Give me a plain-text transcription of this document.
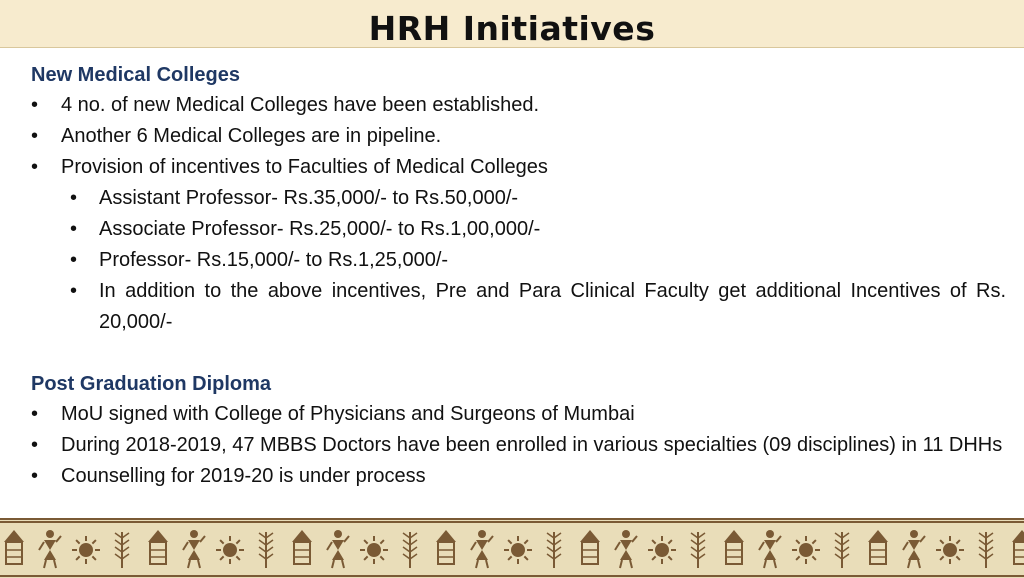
HRH Initiatives
New Medical Colleges
• 4 no. of new Medical Colleges have been established.
• Another 6 Medical Colleges are in pipeline.
• Provision of incentives to Faculties of Medical Colleges
• Assistant Professor- Rs.35,000/- to Rs.50,000/-
• Associate Professor- Rs.25,000/- to Rs.1,00,000/-
• Professor- Rs.15,000/- to Rs.1,25,000/-
• In addition to the above incentives, Pre and Para Clinical Faculty get additional Incentives of Rs. 20,000/-
Post Graduation Diploma
• MoU signed with College of Physicians and Surgeons of Mumbai
• During 2018-2019, 47 MBBS Doctors have been enrolled in various specialties (09 disciplines) in 11 DHHs
• Counselling for 2019-20 is under process
